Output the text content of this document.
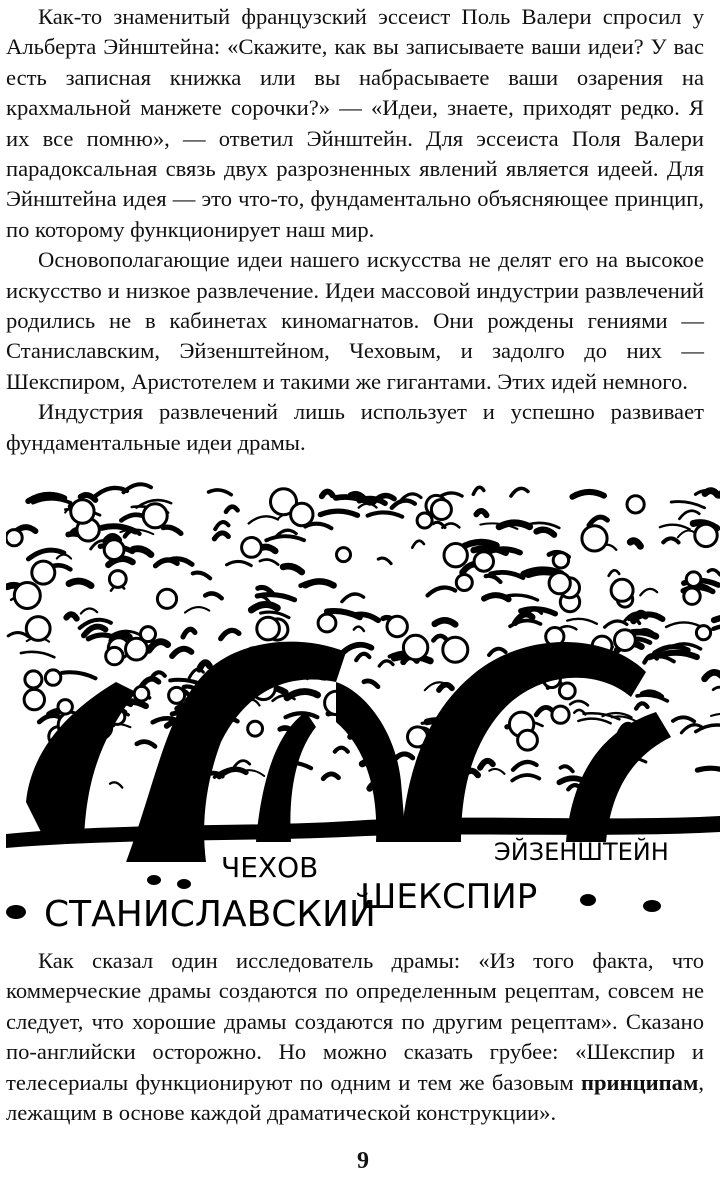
Как-то знаменитый французский эссеист Поль Валери спросил у Альберта Эйнштейна: «Скажите, как вы записываете ваши идеи? У вас есть записная книжка или вы набрасываете ваши озарения на крахмальной манжете сорочки?» — «Идеи, знаете, приходят редко. Я их все помню», — ответил Эйнштейн. Для эссеиста Поля Валери парадоксальная связь двух разрозненных явлений является идеей. Для Эйнштейна идея — это что-то, фундаментально объясняющее принцип, по которому функционирует наш мир.

Основополагающие идеи нашего искусства не делят его на высокое искусство и низкое развлечение. Идеи массовой индустрии развлечений родились не в кабинетах киномагнатов. Они рождены гениями — Станиславским, Эйзенштейном, Чеховым, и задолго до них — Шекспиром, Аристотелем и такими же гигантами. Этих идей немного.

Индустрия развлечений лишь использует и успешно развивает фундаментальные идеи драмы.

ЧЕХОВ	ЭЙЗЕНШТЕЙН
ШЕКСПИР
СТАНИСЛАВСКИЙ

Как сказал один исследователь драмы: «Из того факта, что коммерческие драмы создаются по определенным рецептам, совсем не следует, что хорошие драмы создаются по другим рецептам». Сказано по-английски осторожно. Но можно сказать грубее: «Шекспир и телесериалы функционируют по одним и тем же базовым принципам, лежащим в основе каждой драматической конструкции».

9
